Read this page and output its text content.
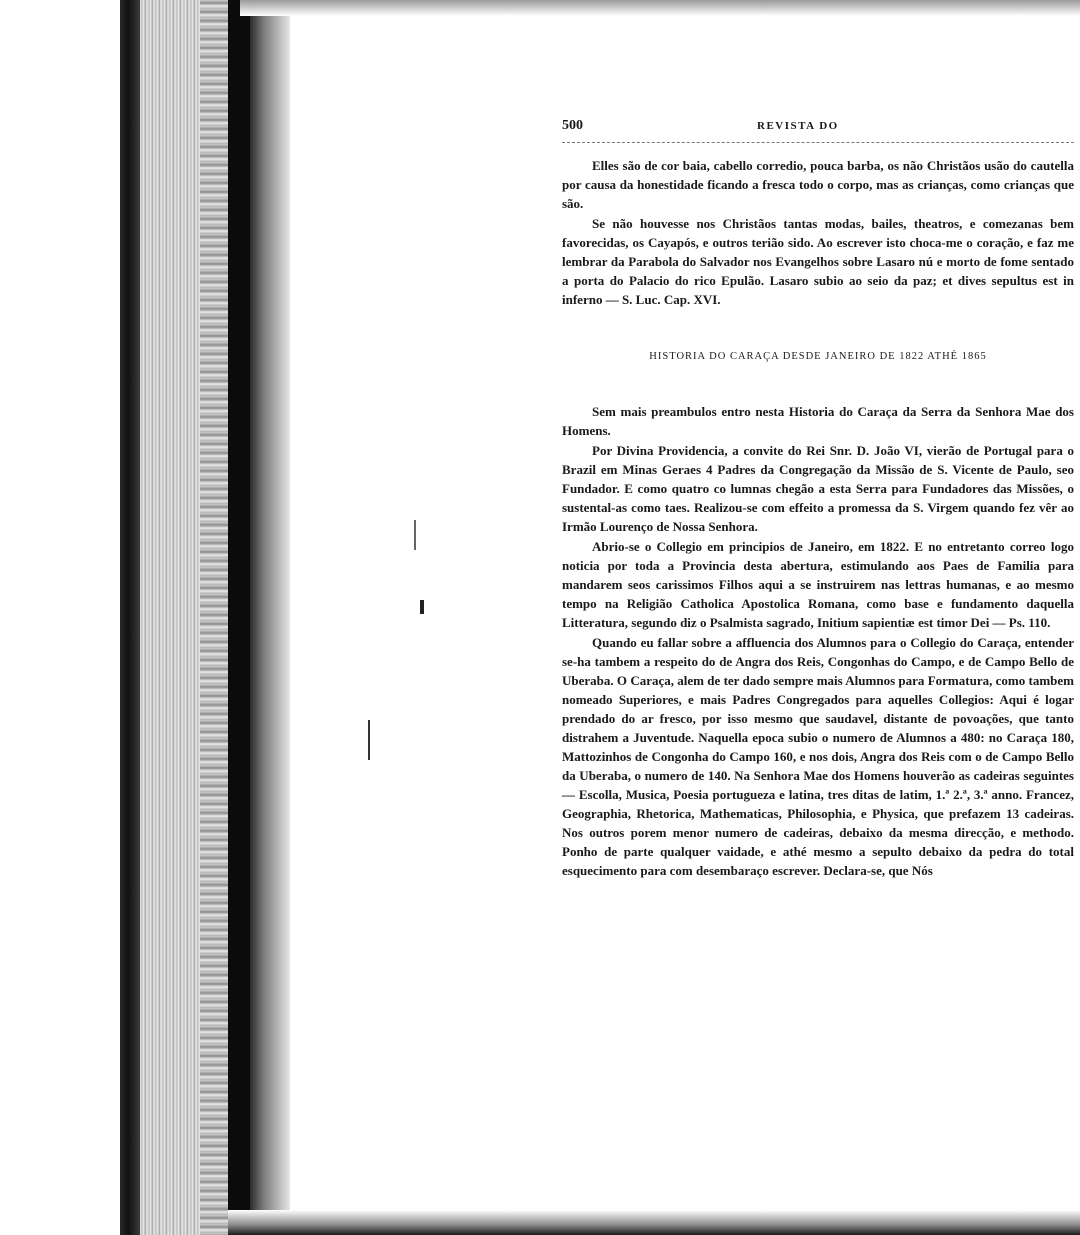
500	REVISTA DO

Elles são de cor baia, cabello corredio, pouca barba, os não Christãos usão do cautella por causa da honestidade ficando a fresca todo o corpo, mas as crianças, como crianças que são.

Se não houvesse nos Christãos tantas modas, bailes, theatros, e comezanas bem favorecidas, os Cayapós, e outros terião sido. Ao escrever isto choca-me o coração, e faz me lembrar da Parabola do Salvador nos Evangelhos sobre Lasaro nú e morto de fome sentado a porta do Palacio do rico Epulão. Lasaro subio ao seio da paz; et dives sepultus est in inferno — S. Luc. Cap. XVI.

HISTORIA DO CARAÇA DESDE JANEIRO DE 1822 ATHÉ 1865

Sem mais preambulos entro nesta Historia do Caraça da Serra da Senhora Mae dos Homens.

Por Divina Providencia, a convite do Rei Snr. D. João VI, vierão de Portugal para o Brazil em Minas Geraes 4 Padres da Congregação da Missão de S. Vicente de Paulo, seo Fundador. E como quatro co lumnas chegão a esta Serra para Fundadores das Missões, o sustental-as como taes. Realizou-se com effeito a promessa da S. Virgem quando fez vêr ao Irmão Lourenço de Nossa Senhora.

Abrio-se o Collegio em principios de Janeiro, em 1822. E no entretanto correo logo noticia por toda a Provincia desta abertura, estimulando aos Paes de Familia para mandarem seos carissimos Filhos aqui a se instruirem nas lettras humanas, e ao mesmo tempo na Religião Catholica Apostolica Romana, como base e fundamento daquella Litteratura, segundo diz o Psalmista sagrado, Initium sapientiæ est timor Dei — Ps. 110.

Quando eu fallar sobre a affluencia dos Alumnos para o Collegio do Caraça, entender se-ha tambem a respeito do de Angra dos Reis, Congonhas do Campo, e de Campo Bello de Uberaba. O Caraça, alem de ter dado sempre mais Alumnos para Formatura, como tambem nomeado Superiores, e mais Padres Congregados para aquelles Collegios: Aqui é logar prendado do ar fresco, por isso mesmo que saudavel, distante de povoações, que tanto distrahem a Juventude. Naquella epoca subio o numero de Alumnos a 480: no Caraça 180, Mattozinhos de Congonha do Campo 160, e nos dois, Angra dos Reis com o de Campo Bello da Uberaba, o numero de 140. Na Senhora Mae dos Homens houverão as cadeiras seguintes — Escolla, Musica, Poesia portugueza e latina, tres ditas de latim, 1.ª 2.ª, 3.ª anno. Francez, Geographia, Rhetorica, Mathematicas, Philosophia, e Physica, que prefazem 13 cadeiras. Nos outros porem menor numero de cadeiras, debaixo da mesma direcção, e methodo. Ponho de parte qualquer vaidade, e athé mesmo a sepulto debaixo da pedra do total esquecimento para com desembaraço escrever. Declara-se, que Nós
